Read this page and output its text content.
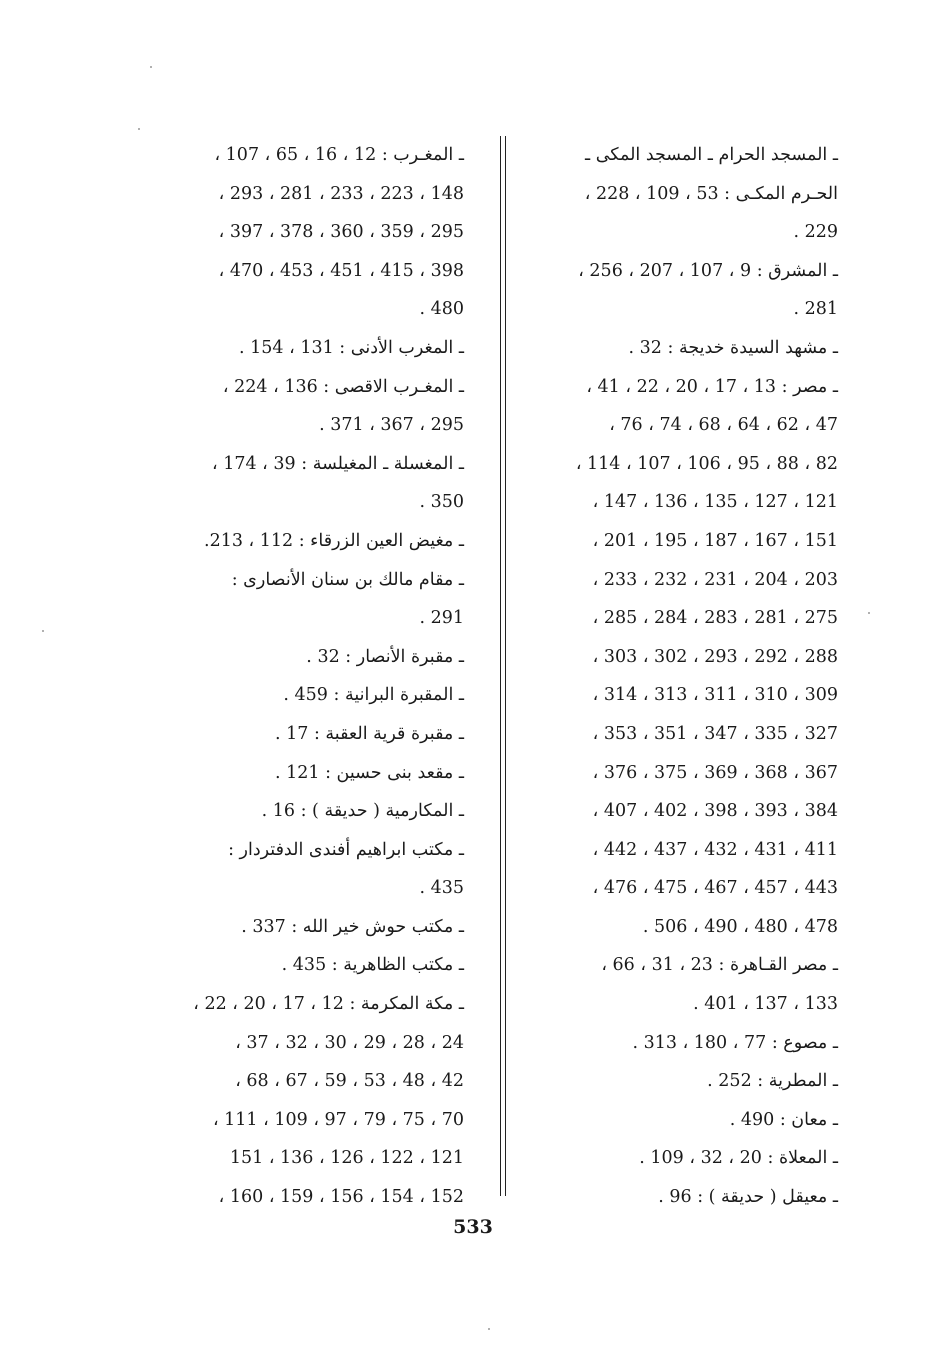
ـ المسجد الحرام ـ المسجد المكى ـ
الحـرم المكـى : 53 ، 109 ، 228 ،
229 .
ـ المشرق : 9 ، 107 ، 207 ، 256 ،
281 .
ـ مشهد السيدة خديجة : 32 .
ـ مصر : 13 ، 17 ، 20 ، 22 ، 41 ،
47 ، 62 ، 64 ، 68 ، 74 ، 76 ،
82 ، 88 ، 95 ، 106 ، 107 ، 114 ،
121 ، 127 ، 135 ، 136 ، 147 ،
151 ، 167 ، 187 ، 195 ، 201 ،
203 ، 204 ، 231 ، 232 ، 233 ،
275 ، 281 ، 283 ، 284 ، 285 ،
288 ، 292 ، 293 ، 302 ، 303 ،
309 ، 310 ، 311 ، 313 ، 314 ،
327 ، 335 ، 347 ، 351 ، 353 ،
367 ، 368 ، 369 ، 375 ، 376 ،
384 ، 393 ، 398 ، 402 ، 407 ،
411 ، 431 ، 432 ، 437 ، 442 ،
443 ، 457 ، 467 ، 475 ، 476 ،
478 ، 480 ، 490 ، 506 .
ـ مصر القـاهرة : 23 ، 31 ، 66 ،
133 ، 137 ، 401 .
ـ مصوع : 77 ، 180 ، 313 .
ـ المطرية : 252 .
ـ معان : 490 .
ـ المعلاة : 20 ، 32 ، 109 .
ـ معيقل ( حديقة ) : 96 .
ـ المغـرب : 12 ، 16 ، 65 ، 107 ،
148 ، 223 ، 233 ، 281 ، 293 ،
295 ، 359 ، 360 ، 378 ، 397 ،
398 ، 415 ، 451 ، 453 ، 470 ،
480 .
ـ المغرب الأدنى : 131 ، 154 .
ـ المغـرب الاقصى : 136 ، 224 ،
295 ، 367 ، 371 .
ـ المغسلة ـ المغيلسة : 39 ، 174 ،
350 .
ـ مغيض العين الزرقاء : 112 ، 213.
ـ مقام مالك بن سنان الأنصارى :
291 .
ـ مقبرة الأنصار : 32 .
ـ المقبرة البرانية : 459 .
ـ مقبرة قرية العقبة : 17 .
ـ مقعد بنى حسين : 121 .
ـ المكارمية ( حديقة ) : 16 .
ـ مكتب ابراهيم أفندى الدفتردار :
435 .
ـ مكتب حوش خير الله : 337 .
ـ مكتب الظاهرية : 435 .
ـ مكة المكرمة : 12 ، 17 ، 20 ، 22 ،
24 ، 28 ، 29 ، 30 ، 32 ، 37 ،
42 ، 48 ، 53 ، 59 ، 67 ، 68 ،
70 ، 75 ، 79 ، 97 ، 109 ، 111 ،
121 ، 122 ، 126 ، 136 ، 151
152 ، 154 ، 156 ، 159 ، 160 ،
533
